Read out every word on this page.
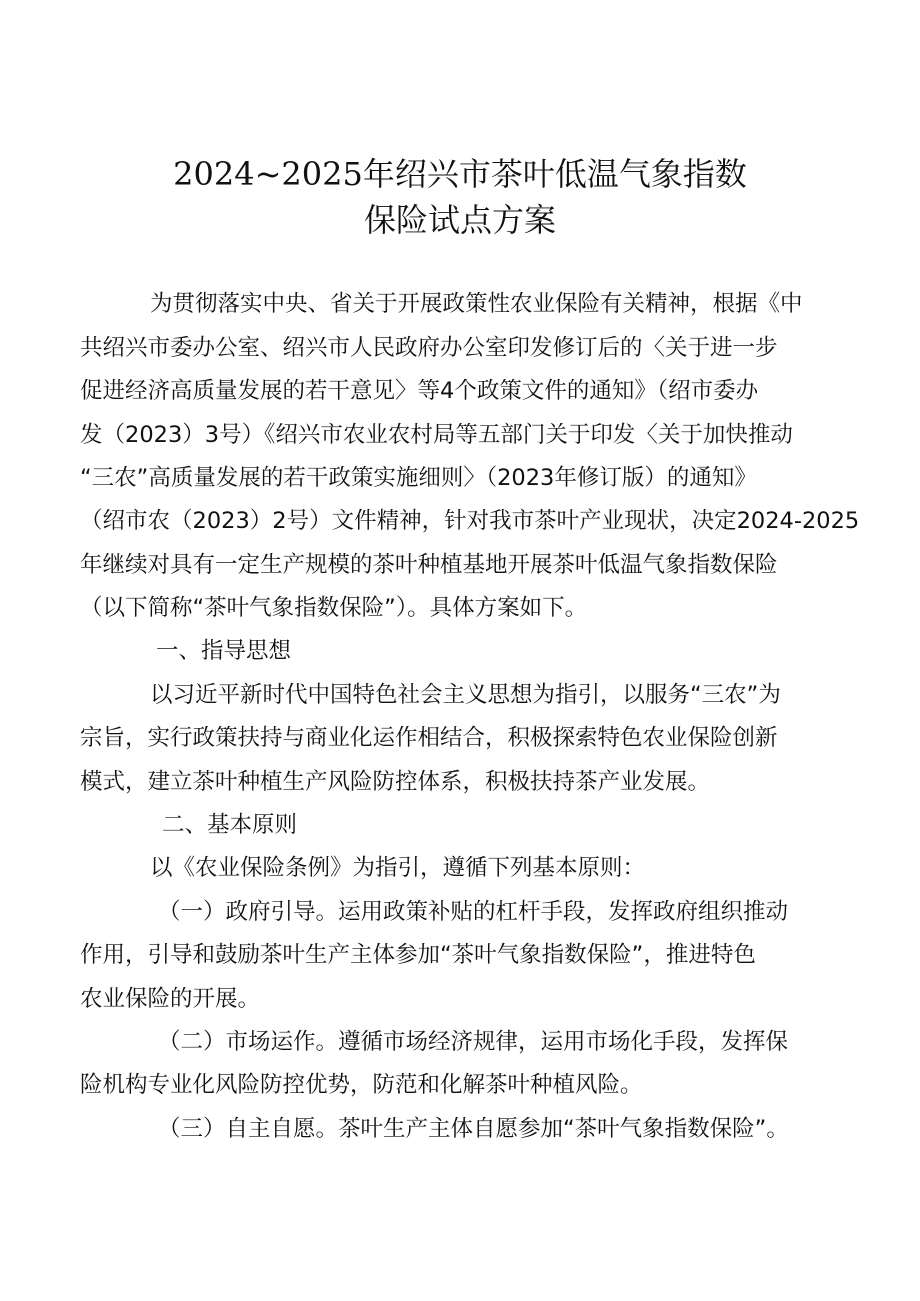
2024~2025年绍兴市茶叶低温气象指数
保险试点方案

为贯彻落实中央、省关于开展政策性农业保险有关精神，根据《中

共绍兴市委办公室、绍兴市人民政府办公室印发修订后的〈关于进一步

促进经济高质量发展的若干意见〉等4个政策文件的通知》（绍市委办

发（2023）3号）《绍兴市农业农村局等五部门关于印发〈关于加快推动

“三农”高质量发展的若干政策实施细则〉（2023年修订版）的通知》

（绍市农（2023）2号）文件精神，针对我市茶叶产业现状，决定2024-2025

年继续对具有一定生产规模的茶叶种植基地开展茶叶低温气象指数保险

（以下简称“茶叶气象指数保险”）。具体方案如下。

一、指导思想

以习近平新时代中国特色社会主义思想为指引，以服务“三农”为

宗旨，实行政策扶持与商业化运作相结合，积极探索特色农业保险创新

模式，建立茶叶种植生产风险防控体系，积极扶持茶产业发展。

二、基本原则

以《农业保险条例》为指引，遵循下列基本原则：

（一）政府引导。运用政策补贴的杠杆手段，发挥政府组织推动

作用，引导和鼓励茶叶生产主体参加“茶叶气象指数保险”，推进特色

农业保险的开展。

（二）市场运作。遵循市场经济规律，运用市场化手段，发挥保

险机构专业化风险防控优势，防范和化解茶叶种植风险。

（三）自主自愿。茶叶生产主体自愿参加“茶叶气象指数保险”。
